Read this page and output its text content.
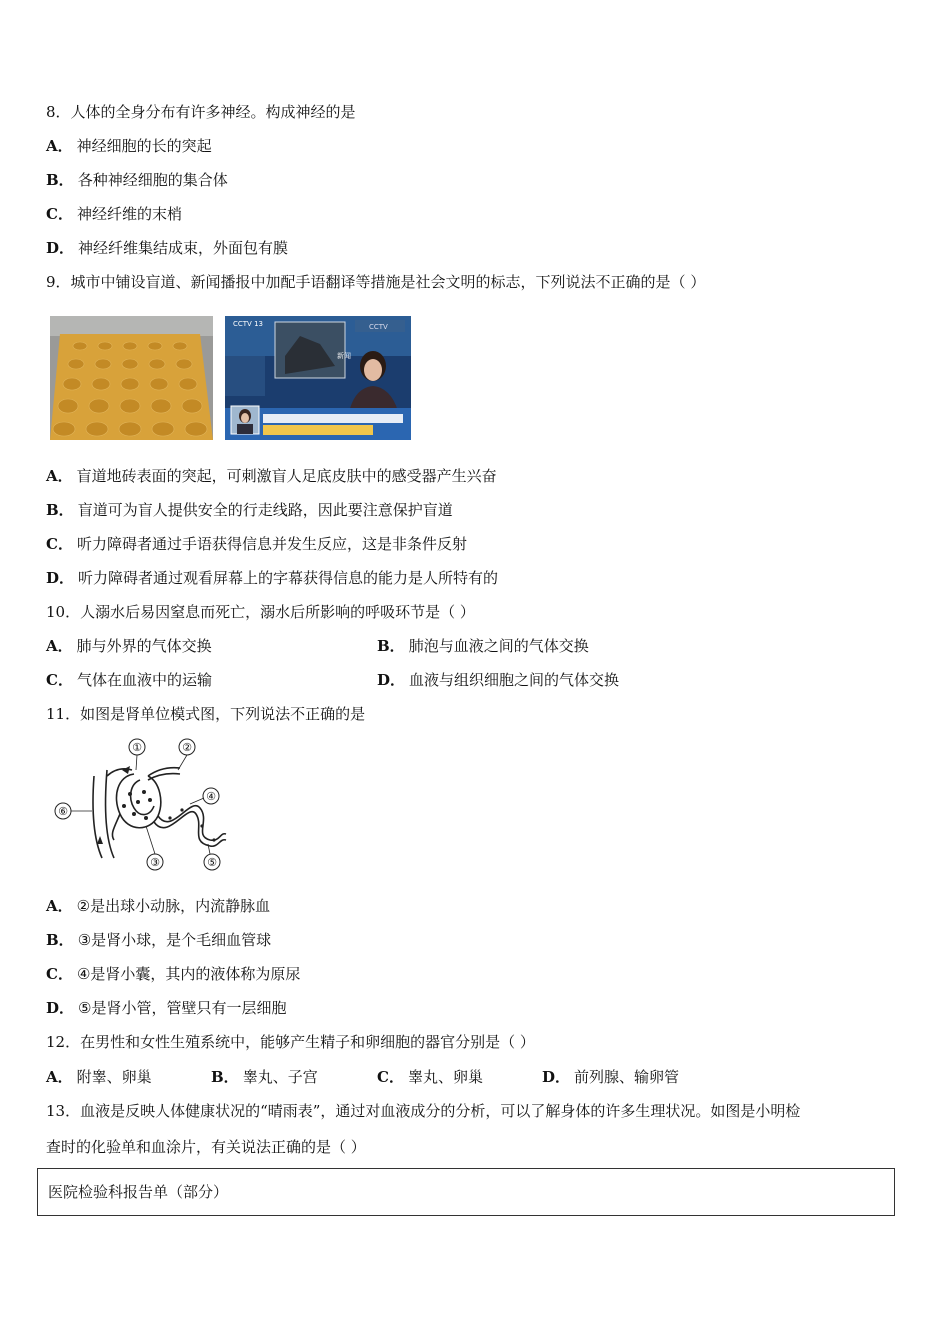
8．人体的全身分布有许多神经。构成神经的是
A． 神经细胞的长的突起
B． 各种神经细胞的集合体
C． 神经纤维的末梢
D． 神经纤维集结成束，外面包有膜
9．城市中铺设盲道、新闻播报中加配手语翻译等措施是社会文明的标志，下列说法不正确的是（ ）
CCTV 13	CCTV
新闻
A． 盲道地砖表面的突起，可刺激盲人足底皮肤中的感受器产生兴奋
B． 盲道可为盲人提供安全的行走线路，因此要注意保护盲道
C． 听力障碍者通过手语获得信息并发生反应，这是非条件反射
D． 听力障碍者通过观看屏幕上的字幕获得信息的能力是人所特有的
10．人溺水后易因窒息而死亡，溺水后所影响的呼吸环节是（ ）
A． 肺与外界的气体交换	B． 肺泡与血液之间的气体交换
C． 气体在血液中的运输	D． 血液与组织细胞之间的气体交换
11．如图是肾单位模式图，下列说法不正确的是
①	②
③
④
⑤
⑥
A． ②是出球小动脉，内流静脉血
B． ③是肾小球，是个毛细血管球
C． ④是肾小囊，其内的液体称为原尿
D． ⑤是肾小管，管壁只有一层细胞
12．在男性和女性生殖系统中，能够产生精子和卵细胞的器官分别是（ ）
A． 附睾、卵巢	B． 睾丸、子宫	C． 睾丸、卵巢	D． 前列腺、输卵管
13．血液是反映人体健康状况的“晴雨表”，通过对血液成分的分析，可以了解身体的许多生理状况。如图是小明检
查时的化验单和血涂片，有关说法正确的是（ ）
医院检验科报告单（部分）
